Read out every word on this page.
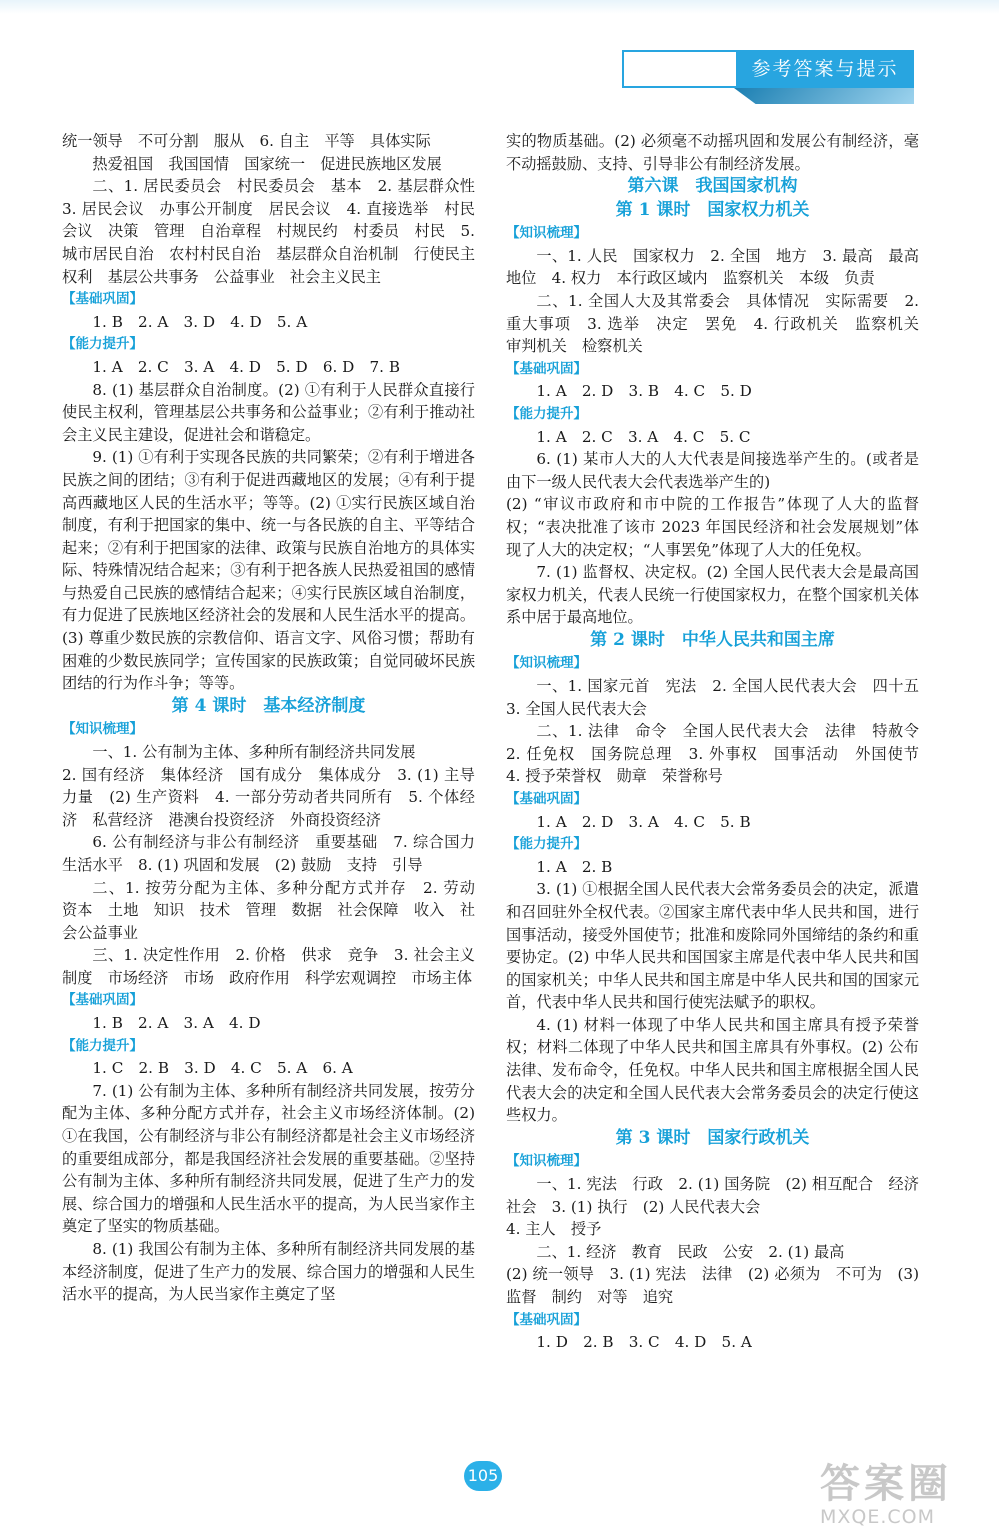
参考答案与提示
统一领导　不可分割　服从　6. 自主　平等　具体实际
热爱祖国　我国国情　国家统一　促进民族地区发展
二、1. 居民委员会　村民委员会　基本　2. 基层群众性　3. 居民会议　办事公开制度　居民会议　4. 直接选举　村民会议　决策　管理　自治章程　村规民约　村委员　村民　5. 城市居民自治　农村村民自治　基层群众自治机制　行使民主权利　基层公共事务　公益事业　社会主义民主
【基础巩固】
1. B　2. A　3. D　4. D　5. A
【能力提升】
1. A　2. C　3. A　4. D　5. D　6. D　7. B
8. (1) 基层群众自治制度。(2) ①有利于人民群众直接行使民主权利，管理基层公共事务和公益事业；②有利于推动社会主义民主建设，促进社会和谐稳定。
9. (1) ①有利于实现各民族的共同繁荣；②有利于增进各民族之间的团结；③有利于促进西藏地区的发展；④有利于提高西藏地区人民的生活水平；等等。(2) ①实行民族区域自治制度，有利于把国家的集中、统一与各民族的自主、平等结合起来；②有利于把国家的法律、政策与民族自治地方的具体实际、特殊情况结合起来；③有利于把各族人民热爱祖国的感情与热爱自己民族的感情结合起来；④实行民族区域自治制度，有力促进了民族地区经济社会的发展和人民生活水平的提高。(3) 尊重少数民族的宗教信仰、语言文字、风俗习惯；帮助有困难的少数民族同学；宣传国家的民族政策；自觉同破坏民族团结的行为作斗争；等等。
第 4 课时　基本经济制度
【知识梳理】
一、1. 公有制为主体、多种所有制经济共同发展
2. 国有经济　集体经济　国有成分　集体成分　3. (1) 主导力量　(2) 生产资料　4. 一部分劳动者共同所有　5. 个体经济　私营经济　港澳台投资经济　外商投资经济
6. 公有制经济与非公有制经济　重要基础　7. 综合国力　生活水平　8. (1) 巩固和发展　(2) 鼓励　支持　引导
二、1. 按劳分配为主体、多种分配方式并存　2. 劳动　资本　土地　知识　技术　管理　数据　社会保障　收入　社会公益事业
三、1. 决定性作用　2. 价格　供求　竞争　3. 社会主义制度　市场经济　市场　政府作用　科学宏观调控　市场主体
【基础巩固】
1. B　2. A　3. A　4. D
【能力提升】
1. C　2. B　3. D　4. C　5. A　6. A
7. (1) 公有制为主体、多种所有制经济共同发展，按劳分配为主体、多种分配方式并存，社会主义市场经济体制。(2) ①在我国，公有制经济与非公有制经济都是社会主义市场经济的重要组成部分，都是我国经济社会发展的重要基础。②坚持公有制为主体、多种所有制经济共同发展，促进了生产力的发展、综合国力的增强和人民生活水平的提高，为人民当家作主奠定了坚实的物质基础。
8. (1) 我国公有制为主体、多种所有制经济共同发展的基本经济制度，促进了生产力的发展、综合国力的增强和人民生活水平的提高，为人民当家作主奠定了坚
实的物质基础。(2) 必须毫不动摇巩固和发展公有制经济，毫不动摇鼓励、支持、引导非公有制经济发展。
第六课　我国国家机构
第 1 课时　国家权力机关
【知识梳理】
一、1. 人民　国家权力　2. 全国　地方　3. 最高　最高地位　4. 权力　本行政区域内　监察机关　本级　负责
二、1. 全国人大及其常委会　具体情况　实际需要　2. 重大事项　3. 选举　决定　罢免　4. 行政机关　监察机关　审判机关　检察机关
【基础巩固】
1. A　2. D　3. B　4. C　5. D
【能力提升】
1. A　2. C　3. A　4. C　5. C
6. (1) 某市人大的人大代表是间接选举产生的。(或者是由下一级人民代表大会代表选举产生的)
(2) “审议市政府和市中院的工作报告”体现了人大的监督权；“表决批准了该市 2023 年国民经济和社会发展规划”体现了人大的决定权；“人事罢免”体现了人大的任免权。
7. (1) 监督权、决定权。(2) 全国人民代表大会是最高国家权力机关，代表人民统一行使国家权力，在整个国家机关体系中居于最高地位。
第 2 课时　中华人民共和国主席
【知识梳理】
一、1. 国家元首　宪法　2. 全国人民代表大会　四十五　3. 全国人民代表大会
二、1. 法律　命令　全国人民代表大会　法律　特赦令　2. 任免权　国务院总理　3. 外事权　国事活动　外国使节　4. 授予荣誉权　勋章　荣誉称号
【基础巩固】
1. A　2. D　3. A　4. C　5. B
【能力提升】
1. A　2. B
3. (1) ①根据全国人民代表大会常务委员会的决定，派遣和召回驻外全权代表。②国家主席代表中华人民共和国，进行国事活动，接受外国使节；批准和废除同外国缔结的条约和重要协定。(2) 中华人民共和国国家主席是代表中华人民共和国的国家机关；中华人民共和国主席是中华人民共和国的国家元首，代表中华人民共和国行使宪法赋予的职权。
4. (1) 材料一体现了中华人民共和国主席具有授予荣誉权；材料二体现了中华人民共和国主席具有外事权。(2) 公布法律、发布命令，任免权。中华人民共和国主席根据全国人民代表大会的决定和全国人民代表大会常务委员会的决定行使这些权力。
第 3 课时　国家行政机关
【知识梳理】
一、1. 宪法　行政　2. (1) 国务院　(2) 相互配合　经济社会　3. (1) 执行　(2) 人民代表大会
4. 主人　授予
二、1. 经济　教育　民政　公安　2. (1) 最高
(2) 统一领导　3. (1) 宪法　法律　(2) 必须为　不可为　(3) 监督　制约　对等　追究
【基础巩固】
1. D　2. B　3. C　4. D　5. A
105	答案圈
MXQE.COM
